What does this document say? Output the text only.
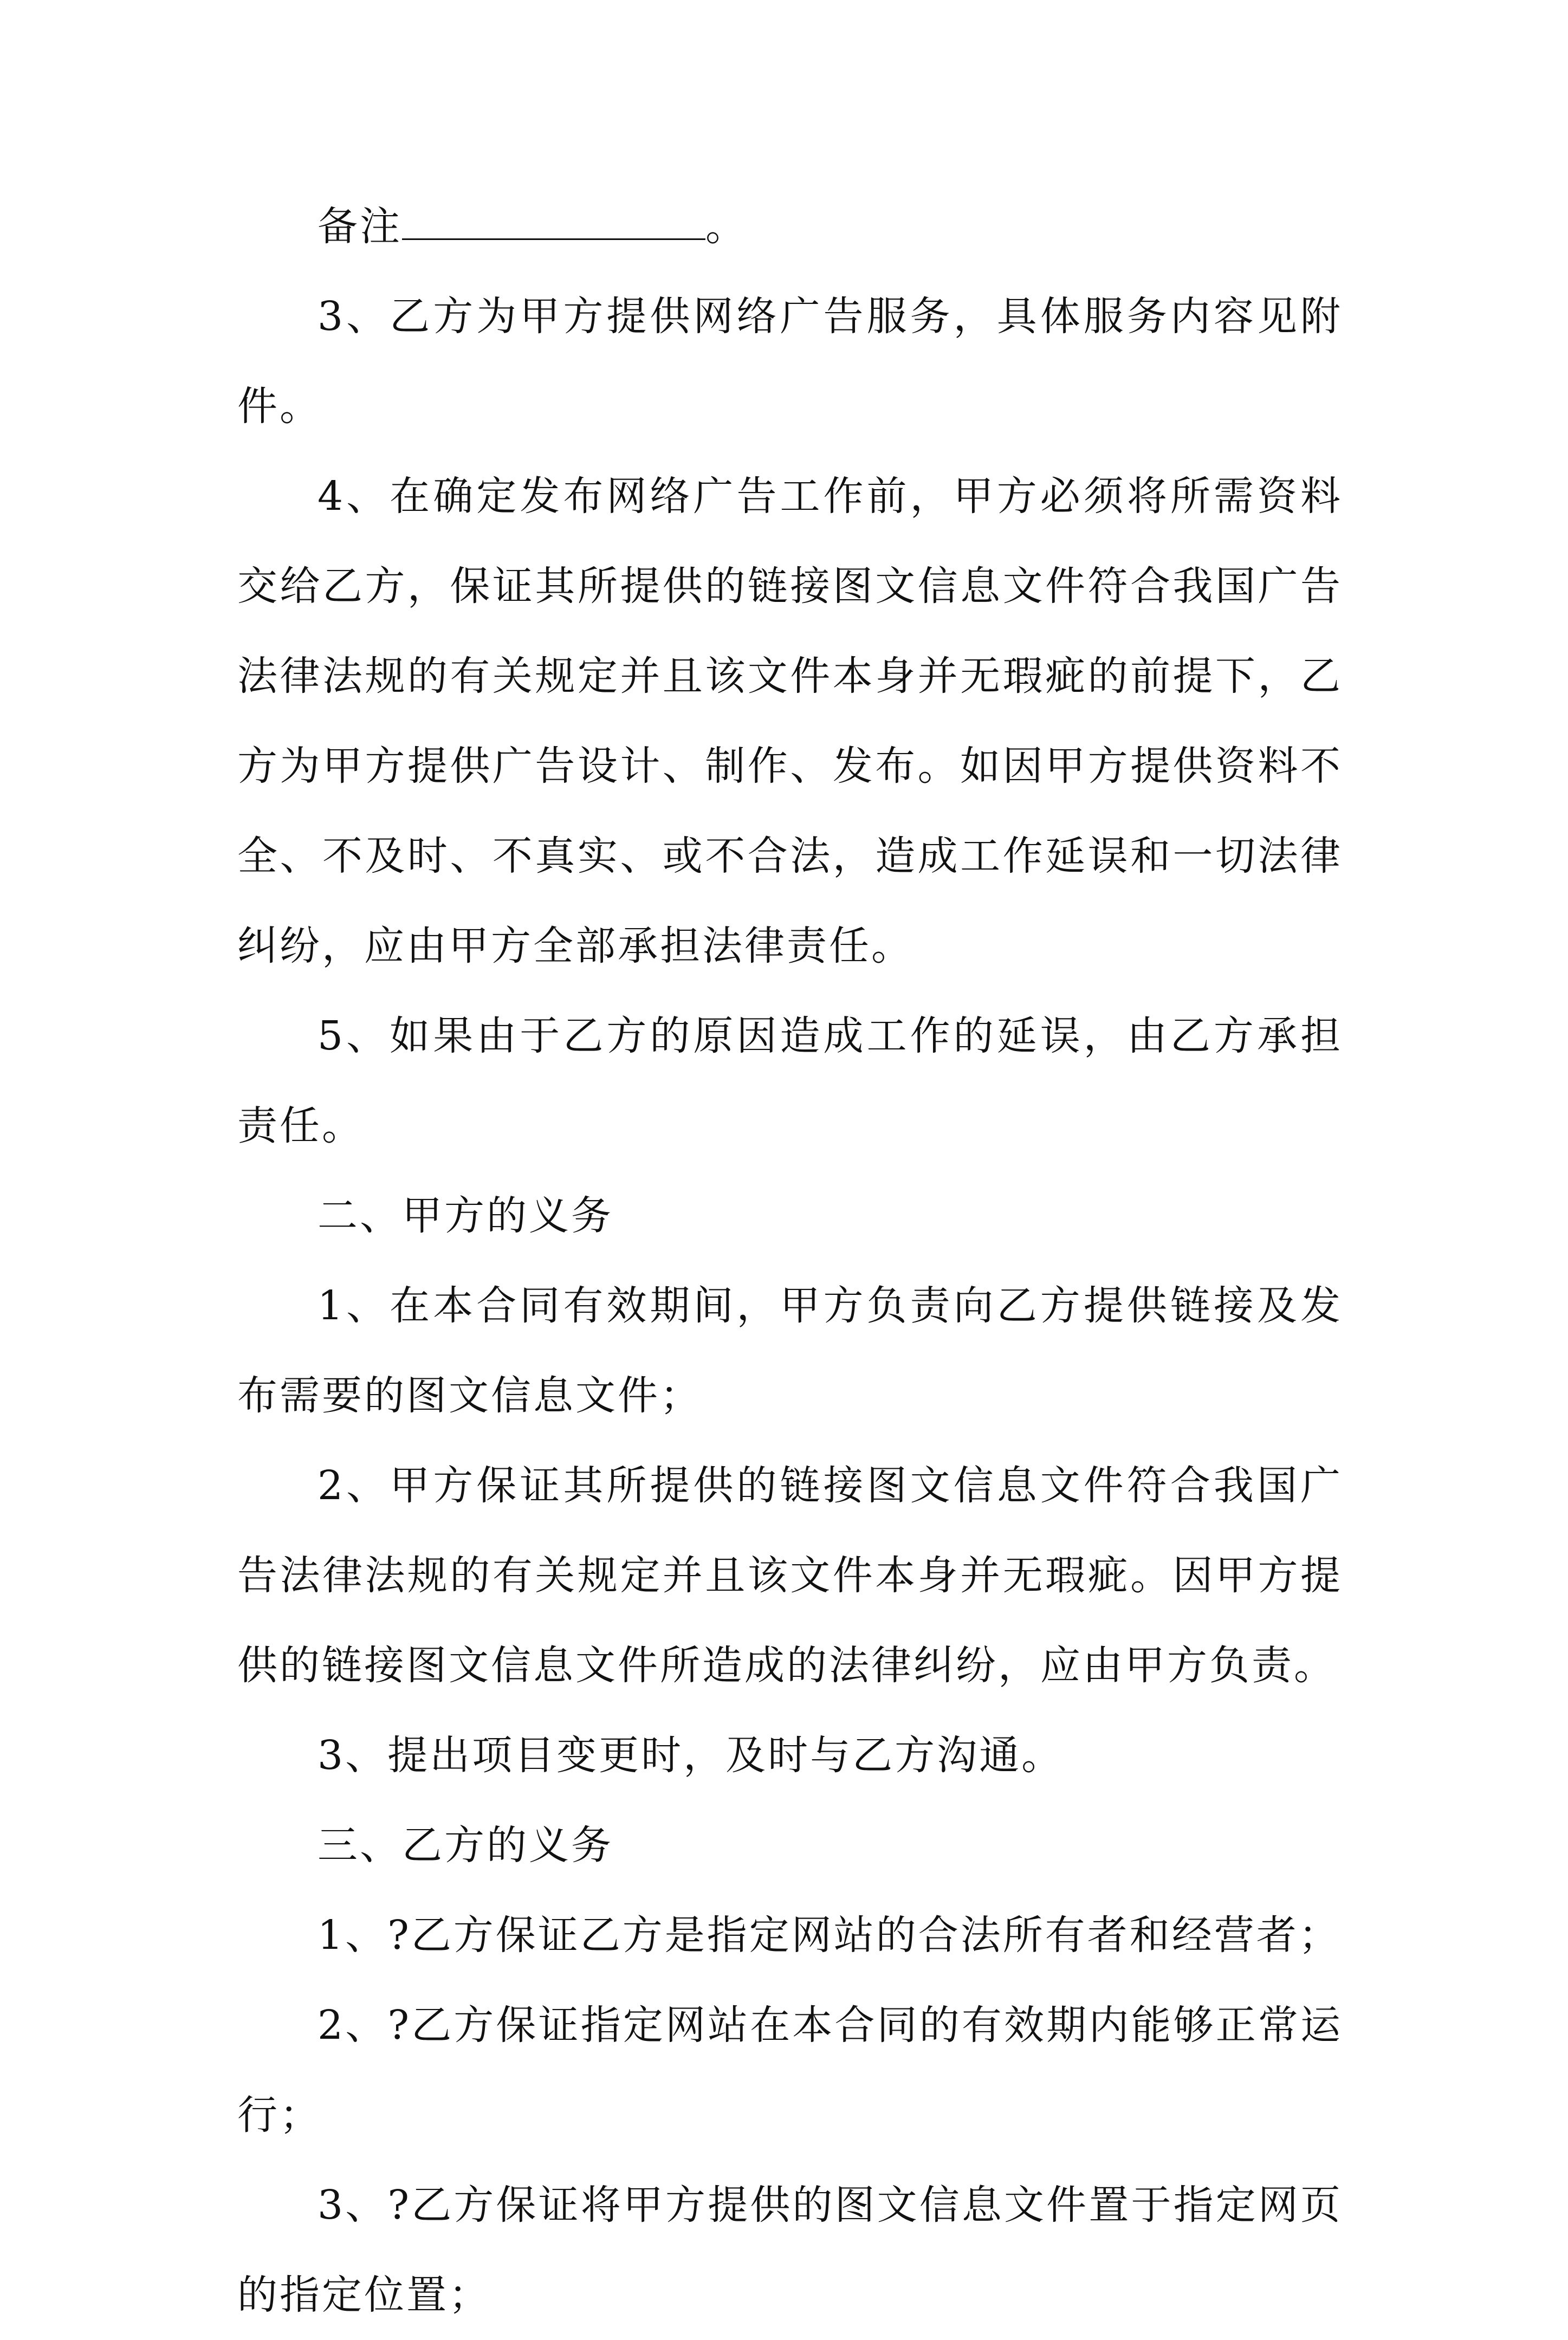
备注	。

3、乙方为甲方提供网络广告服务，具体服务内容见附件。

4、在确定发布网络广告工作前，甲方必须将所需资料交给乙方，保证其所提供的链接图文信息文件符合我国广告法律法规的有关规定并且该文件本身并无瑕疵的前提下，乙方为甲方提供广告设计、制作、发布。如因甲方提供资料不全、不及时、不真实、或不合法，造成工作延误和一切法律纠纷，应由甲方全部承担法律责任。

5、如果由于乙方的原因造成工作的延误，由乙方承担责任。

二、甲方的义务

1、在本合同有效期间，甲方负责向乙方提供链接及发布需要的图文信息文件；

2、甲方保证其所提供的链接图文信息文件符合我国广告法律法规的有关规定并且该文件本身并无瑕疵。因甲方提供的链接图文信息文件所造成的法律纠纷，应由甲方负责。

3、提出项目变更时，及时与乙方沟通。

三、乙方的义务

1、?乙方保证乙方是指定网站的合法所有者和经营者；

2、?乙方保证指定网站在本合同的有效期内能够正常运行；

3、?乙方保证将甲方提供的图文信息文件置于指定网页的指定位置；
